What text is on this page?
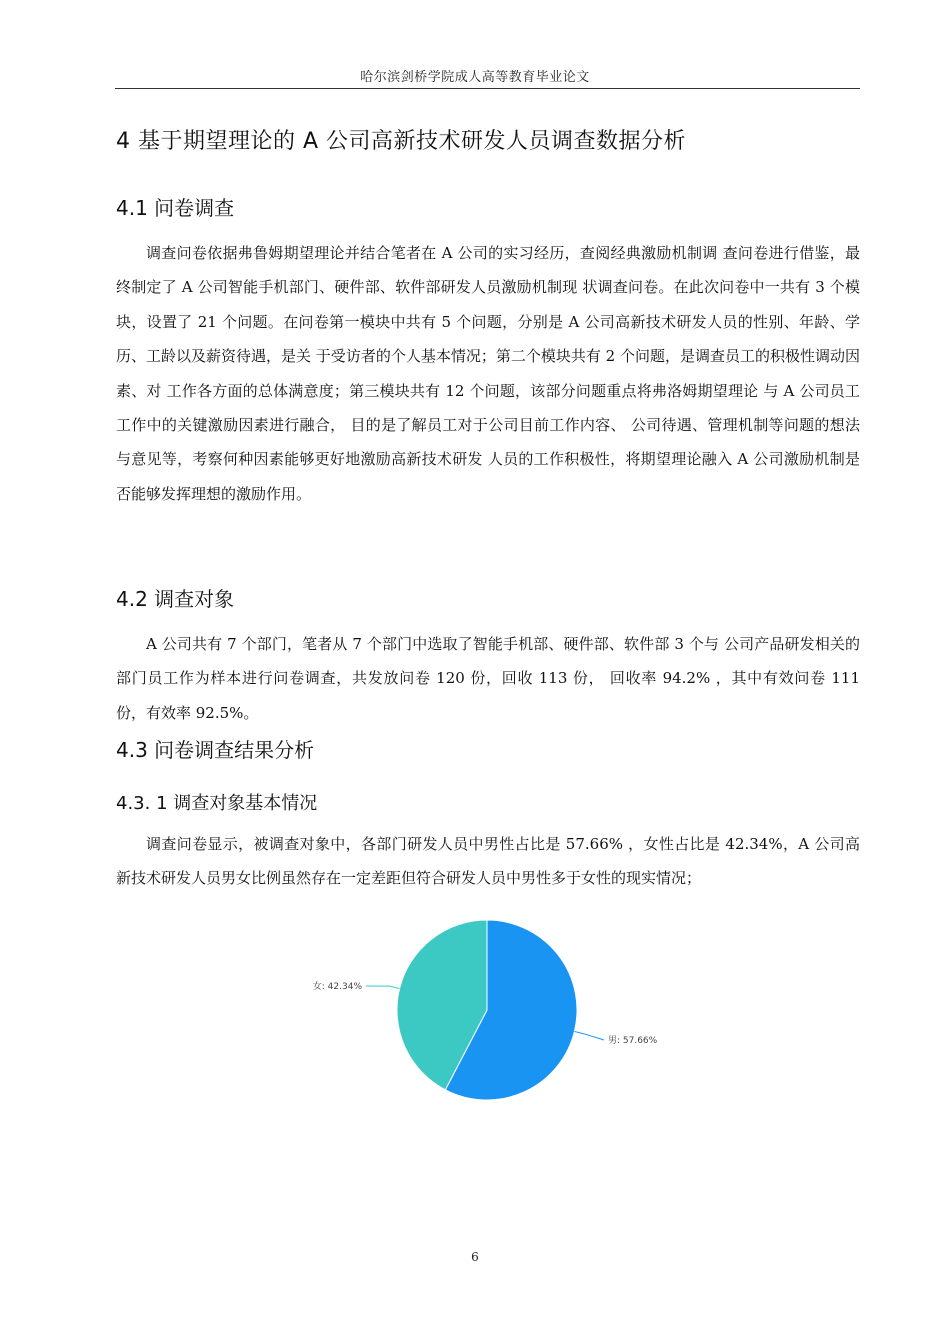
哈尔滨剑桥学院成人高等教育毕业论文
4 基于期望理论的 A 公司高新技术研发人员调查数据分析
4.1 问卷调查

调查问卷依据弗鲁姆期望理论并结合笔者在 A 公司的实习经历，查阅经典激励机制调 查问卷进行借鉴，最终制定了 A 公司智能手机部门、硬件部、软件部研发人员激励机制现 状调查问卷。在此次问卷中一共有 3 个模块，设置了 21 个问题。在问卷第一模块中共有 5 个问题，分别是 A 公司高新技术研发人员的性别、年龄、学历、工龄以及薪资待遇，是关 于受访者的个人基本情况；第二个模块共有 2 个问题，是调查员工的积极性调动因素、对 工作各方面的总体满意度；第三模块共有 12 个问题，该部分问题重点将弗洛姆期望理论 与 A 公司员工工作中的关键激励因素进行融合， 目的是了解员工对于公司目前工作内容、 公司待遇、管理机制等问题的想法与意见等，考察何种因素能够更好地激励高新技术研发 人员的工作积极性，将期望理论融入 A 公司激励机制是否能够发挥理想的激励作用。

4.2 调查对象

A 公司共有 7 个部门，笔者从 7 个部门中选取了智能手机部、硬件部、软件部 3 个与 公司产品研发相关的部门员工作为样本进行问卷调查，共发放问卷 120 份，回收 113 份， 回收率 94.2% ，其中有效问卷 111 份，有效率 92.5%。

4.3 问卷调查结果分析
4.3. 1 调查对象基本情况

调查问卷显示，被调查对象中，各部门研发人员中男性占比是 57.66% ，女性占比是 42.34%，A 公司高新技术研发人员男女比例虽然存在一定差距但符合研发人员中男性多于女性的现实情况；

男: 57.66%
女: 42.34%
6
